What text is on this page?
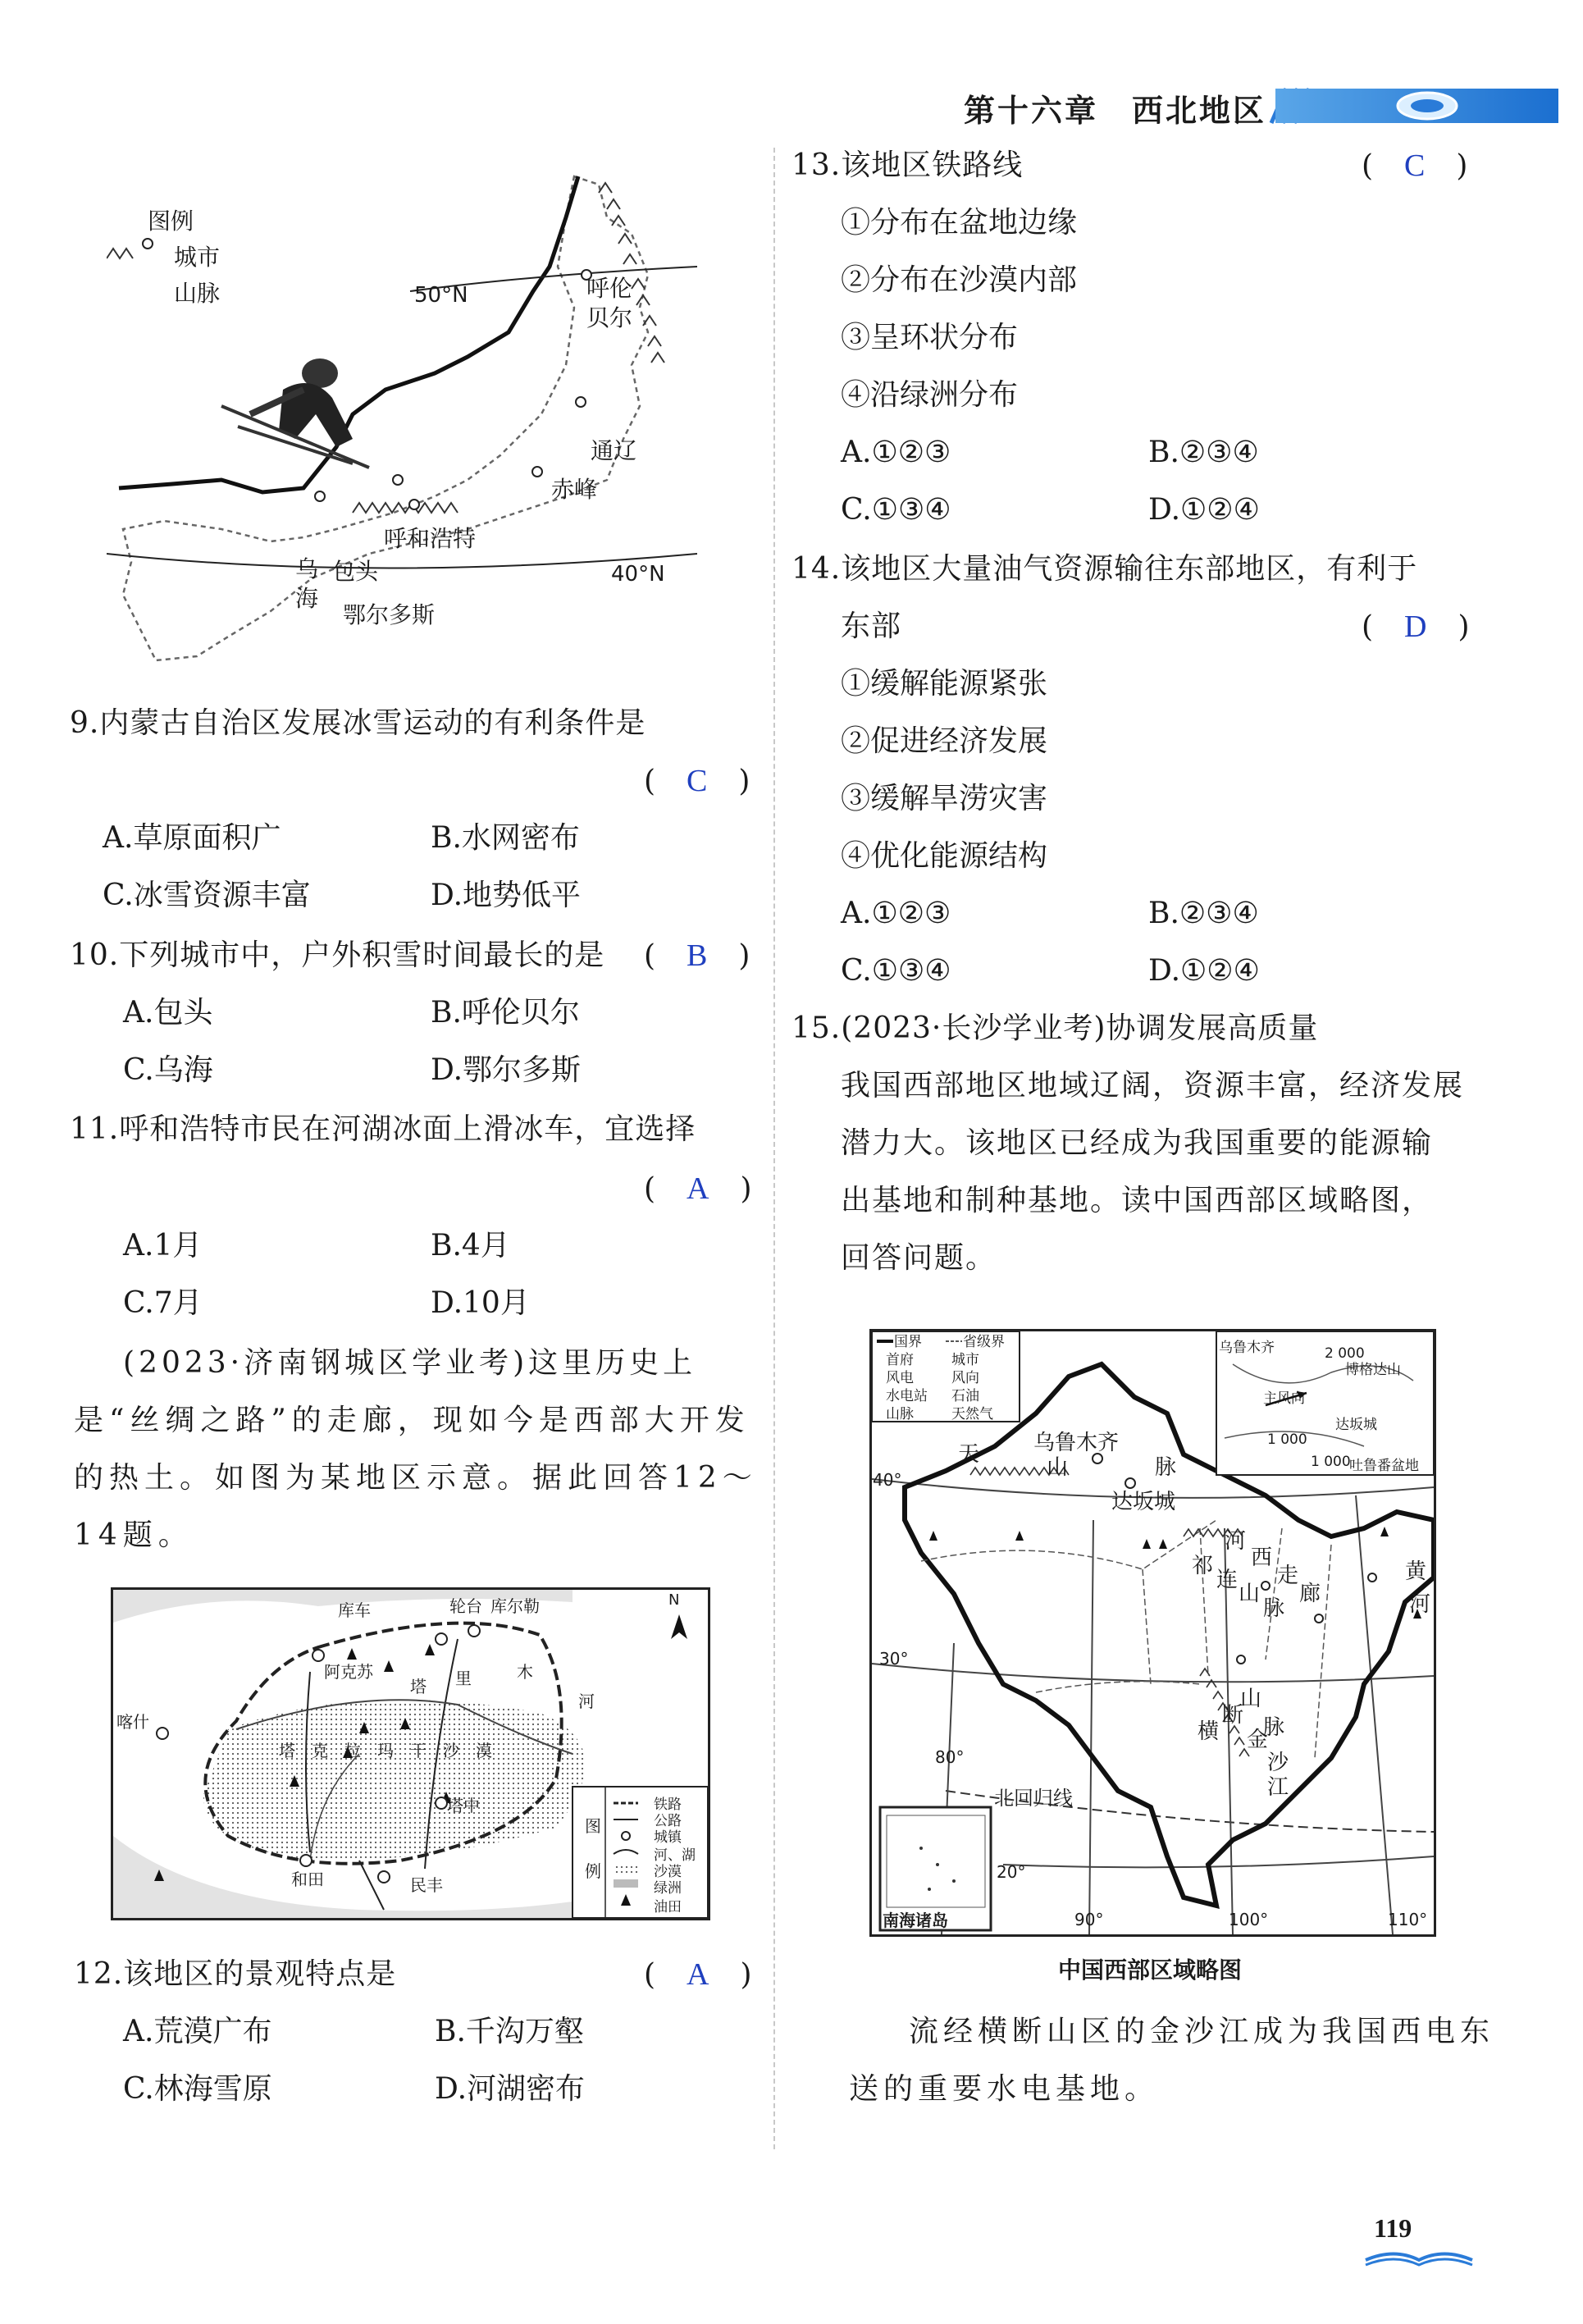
第十六章　西北地区
图例
城市
山脉	50°N
40°N
呼伦
贝尔
通辽
赤峰
呼和浩特
包头
乌
海
鄂尔多斯
9.内蒙古自治区发展冰雪运动的有利条件是
(　C　)
A.草原面积广	B.水网密布
C.冰雪资源丰富	D.地势低平
10.下列城市中，户外积雪时间最长的是 (　B　)
A.包头	B.呼伦贝尔
C.乌海	D.鄂尔多斯
11.呼和浩特市民在河湖冰面上滑冰车，宜选择
(　A　)
A.1月	B.4月
C.7月	D.10月
(2023·济南钢城区学业考)这里历史上
是“丝绸之路”的走廊，现如今是西部大开发
的热土。如图为某地区示意。据此回答12～
14题。
库车	轮台 库尔勒
阿克苏
喀什
和田
塔中
民丰
塔 里	木
河
塔　克　拉　玛　干　沙　漠
N
图
例
铁路
公路
城镇
河、湖
沙漠
绿洲
油田
12.该地区的景观特点是	(　A　)
A.荒漠广布	B.千沟万壑
C.林海雪原	D.河湖密布
13.该地区铁路线	(　C　)
①分布在盆地边缘
②分布在沙漠内部
③呈环状分布
④沿绿洲分布
A.①②③	B.②③④
C.①③④	D.①②④
14.该地区大量油气资源输往东部地区，有利于
东部	(　D　)
①缓解能源紧张
②促进经济发展
③缓解旱涝灾害
④优化能源结构
A.①②③	B.②③④
C.①③④	D.①②④
15.(2023·长沙学业考)协调发展高质量
我国西部地区地域辽阔，资源丰富，经济发展
潜力大。该地区已经成为我国重要的能源输
出基地和制种基地。读中国西部区域略图，
回答问题。
国界	省级界
首府	城市
风电	风向
水电站 石油
山脉	天然气
乌鲁木齐
博格达山
主风向
达坂城
吐鲁番盆地
2 000
1 000
1 000
天	乌鲁木齐
山	脉
达坂城
河
西
走
廊
祁
连
山
脉
黄
河
山
脉
横
断
金
沙
江
北回归线
南海诸岛
40°
30°
20°
80°
90°	100°	110°
中国西部区域略图
流经横断山区的金沙江成为我国西电东
送的重要水电基地。
119
